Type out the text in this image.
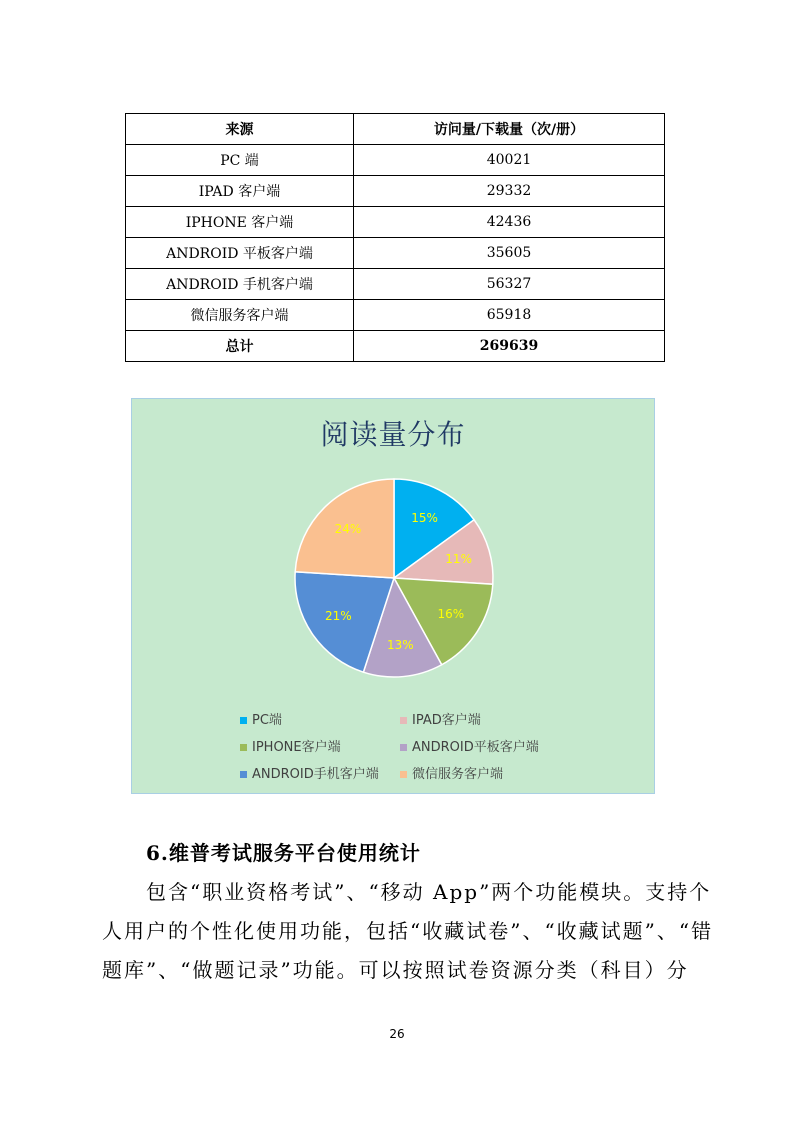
来源	访问量/下载量（次/册）
PC 端	40021
IPAD 客户端	29332
IPHONE 客户端	42436
ANDROID 平板客户端	35605
ANDROID 手机客户端	56327
微信服务客户端	65918
总计	269639
15%
11%
16%
13%
21%
24%
阅读量分布
PC端	IPAD客户端
IPHONE客户端	ANDROID平板客户端
ANDROID手机客户端	微信服务客户端
6.维普考试服务平台使用统计
包含“职业资格考试”、“移动 App”两个功能模块。支持个
人用户的个性化使用功能，包括“收藏试卷”、“收藏试题”、“错
题库”、“做题记录”功能。可以按照试卷资源分类（科目）分
26
